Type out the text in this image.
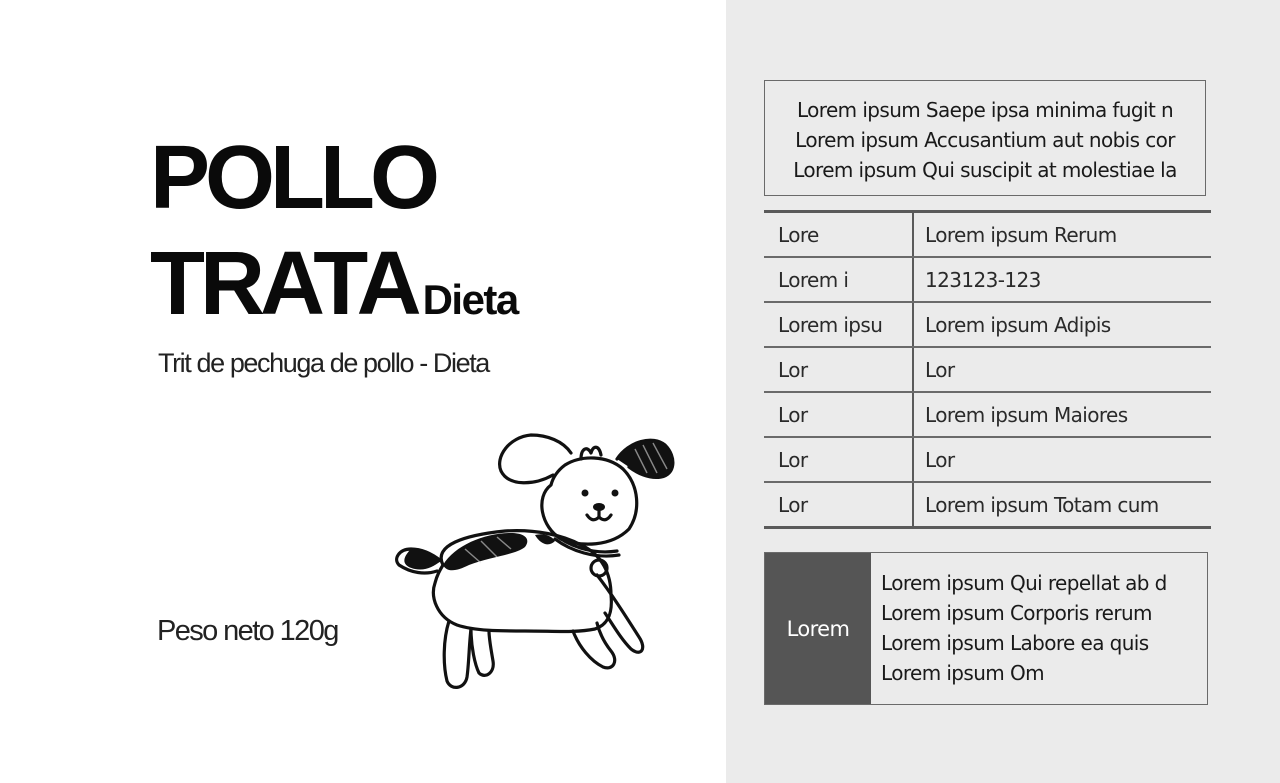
POLLO
TRATA Dieta

Trit de pechuga de pollo - Dieta

Peso neto 120g

Lorem ipsum Saepe ipsa minima fugit n
Lorem ipsum Accusantium aut nobis cor
Lorem ipsum Qui suscipit at molestiae la
Lore	Lorem ipsum Rerum
Lorem i	123123-123
Lorem ipsu	Lorem ipsum Adipis
Lor	Lor
Lor	Lorem ipsum Maiores
Lor	Lor
Lor	Lorem ipsum Totam cum
Lorem
Lorem ipsum Qui repellat ab d
Lorem ipsum Corporis rerum
Lorem ipsum Labore ea quis
Lorem ipsum Om
